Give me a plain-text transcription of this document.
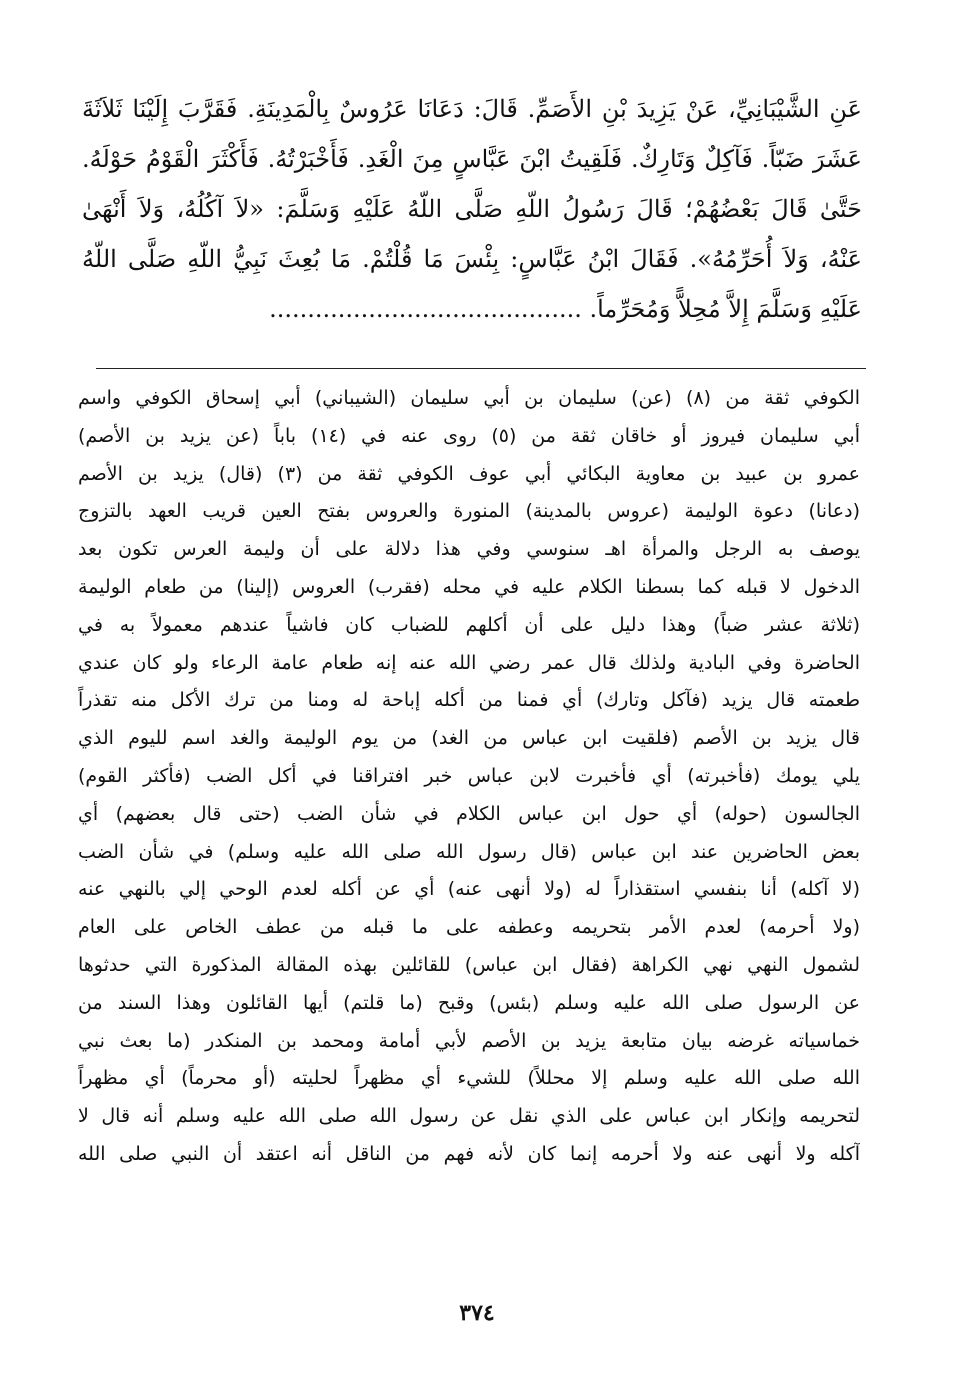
عَنِ الشَّيْبَانِيِّ، عَنْ يَزِيدَ بْنِ الأَصَمِّ. قَالَ: دَعَانَا عَرُوسٌ بِالْمَدِينَةِ. فَقَرَّبَ إِلَيْنَا ثَلاَثَةَ
عَشَرَ ضَبّاً. فَآكِلٌ وَتَارِكٌ. فَلَقِيتُ ابْنَ عَبَّاسٍ مِنَ الْغَدِ. فَأَخْبَرْتُهُ. فَأَكْثَرَ الْقَوْمُ حَوْلَهُ.
حَتَّىٰ قَالَ بَعْضُهُمْ؛ قَالَ رَسُولُ اللّهِ صَلَّى اللّهُ عَلَيْهِ وَسَلَّمَ: «لاَ آكُلُهُ، وَلاَ أَنْهَىٰ
عَنْهُ، وَلاَ أُحَرِّمُهُ». فَقَالَ ابْنُ عَبَّاسٍ: بِئْسَ مَا قُلْتُمْ. مَا بُعِثَ نَبِيُّ اللّهِ صَلَّى اللّهُ
عَلَيْهِ وَسَلَّمَ إِلاَّ مُحِلاًّ وَمُحَرِّماً. .........................................
الكوفي ثقة من (٨) (عن) سليمان بن أبي سليمان (الشيباني) أبي إسحاق الكوفي واسم
أبي سليمان فيروز أو خاقان ثقة من (٥) روى عنه في (١٤) باباً (عن يزيد بن الأصم)
عمرو بن عبيد بن معاوية البكائي أبي عوف الكوفي ثقة من (٣) (قال) يزيد بن الأصم
(دعانا) دعوة الوليمة (عروس بالمدينة) المنورة والعروس بفتح العين قريب العهد بالتزوج
يوصف به الرجل والمرأة اهـ سنوسي وفي هذا دلالة على أن وليمة العرس تكون بعد
الدخول لا قبله كما بسطنا الكلام عليه في محله (فقرب) العروس (إلينا) من طعام الوليمة
(ثلاثة عشر ضباً) وهذا دليل على أن أكلهم للضباب كان فاشياً عندهم معمولاً به في
الحاضرة وفي البادية ولذلك قال عمر رضي الله عنه إنه طعام عامة الرعاء ولو كان عندي
طعمته قال يزيد (فآكل وتارك) أي فمنا من أكله إباحة له ومنا من ترك الأكل منه تقذراً
قال يزيد بن الأصم (فلقيت ابن عباس من الغد) من يوم الوليمة والغد اسم لليوم الذي
يلي يومك (فأخبرته) أي فأخبرت لابن عباس خبر افتراقنا في أكل الضب (فأكثر القوم)
الجالسون (حوله) أي حول ابن عباس الكلام في شأن الضب (حتى قال بعضهم) أي
بعض الحاضرين عند ابن عباس (قال رسول الله صلى الله عليه وسلم) في شأن الضب
(لا آكله) أنا بنفسي استقذاراً له (ولا أنهى عنه) أي عن أكله لعدم الوحي إلي بالنهي عنه
(ولا أحرمه) لعدم الأمر بتحريمه وعطفه على ما قبله من عطف الخاص على العام
لشمول النهي نهي الكراهة (فقال ابن عباس) للقائلين بهذه المقالة المذكورة التي حدثوها
عن الرسول صلى الله عليه وسلم (بئس) وقبح (ما قلتم) أيها القائلون وهذا السند من
خماسياته غرضه بيان متابعة يزيد بن الأصم لأبي أمامة ومحمد بن المنكدر (ما بعث نبي
الله صلى الله عليه وسلم إلا محللاً) للشيء أي مظهراً لحليته (أو محرماً) أي مظهراً
لتحريمه وإنكار ابن عباس على الذي نقل عن رسول الله صلى الله عليه وسلم أنه قال لا
آكله ولا أنهى عنه ولا أحرمه إنما كان لأنه فهم من الناقل أنه اعتقد أن النبي صلى الله
٣٧٤
